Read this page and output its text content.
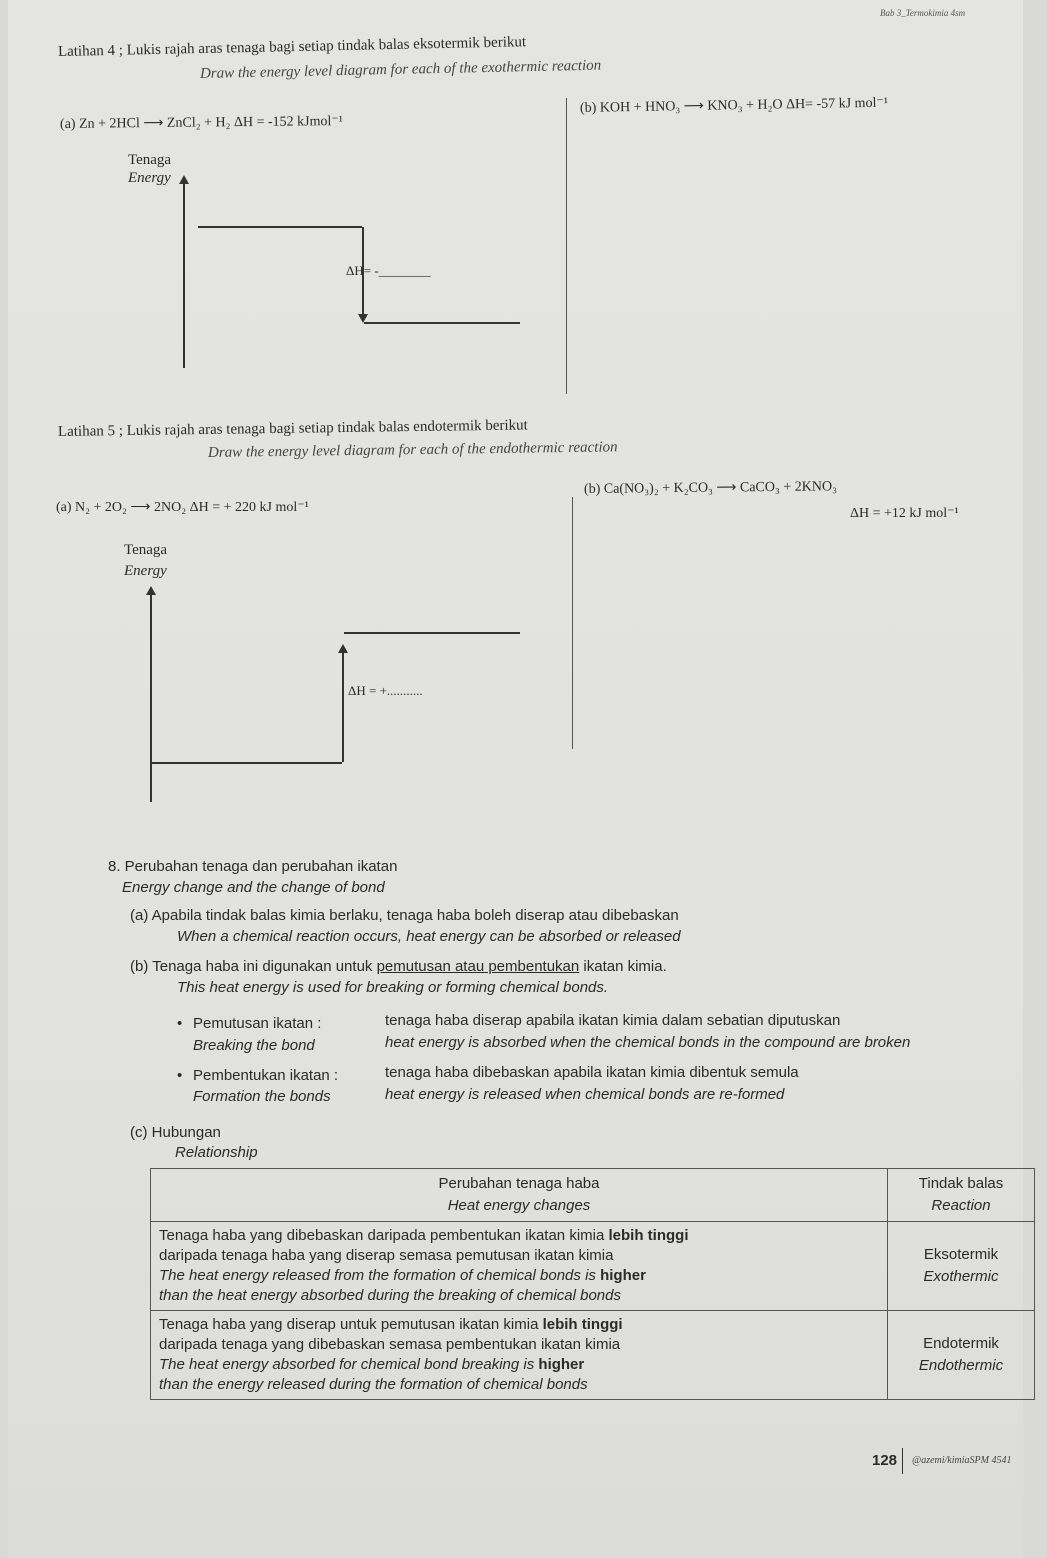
Bab 3_Termokimia 4sm
Latihan 4 ; Lukis rajah aras tenaga bagi setiap tindak balas eksotermik berikut
Draw the energy level diagram for each of the exothermic reaction
(a) Zn + 2HCl ⟶ ZnCl₂ + H₂ ΔH = -152 kJmol⁻¹
(b) KOH + HNO₃ ⟶ KNO₃ + H₂O ΔH= -57 kJ mol⁻¹
Tenaga
Energy
ΔH= -________
Latihan 5 ; Lukis rajah aras tenaga bagi setiap tindak balas endotermik berikut
Draw the energy level diagram for each of the endothermic reaction
(a) N₂ + 2O₂ ⟶ 2NO₂ ΔH = + 220 kJ mol⁻¹
(b) Ca(NO₃)₂ + K₂CO₃ ⟶ CaCO₃ + 2KNO₃
ΔH = +12 kJ mol⁻¹
Tenaga
Energy
ΔH = +...........
8. Perubahan tenaga dan perubahan ikatan
Energy change and the change of bond
(a) Apabila tindak balas kimia berlaku, tenaga haba boleh diserap atau dibebaskan
When a chemical reaction occurs, heat energy can be absorbed or released
(b) Tenaga haba ini digunakan untuk pemutusan atau pembentukan ikatan kimia.
This heat energy is used for breaking or forming chemical bonds.
• Pemutusan ikatan :	tenaga haba diserap apabila ikatan kimia dalam sebatian diputuskan
Breaking the bond	heat energy is absorbed when the chemical bonds in the compound are broken
• Pembentukan ikatan :	tenaga haba dibebaskan apabila ikatan kimia dibentuk semula
Formation the bonds	heat energy is released when chemical bonds are re-formed
(c) Hubungan
Relationship
Perubahan tenaga haba
Heat energy changes	Tindak balas
Reaction
Tenaga haba yang dibebaskan daripada pembentukan ikatan kimia lebih tinggi
daripada tenaga haba yang diserap semasa pemutusan ikatan kimia
The heat energy released from the formation of chemical bonds is higher
than the heat energy absorbed during the breaking of chemical bonds	Eksotermik
Exothermic
Tenaga haba yang diserap untuk pemutusan ikatan kimia lebih tinggi
daripada tenaga yang dibebaskan semasa pembentukan ikatan kimia
The heat energy absorbed for chemical bond breaking is higher
than the energy released during the formation of chemical bonds	Endotermik
Endothermic
128 @azemi/kimiaSPM 4541
